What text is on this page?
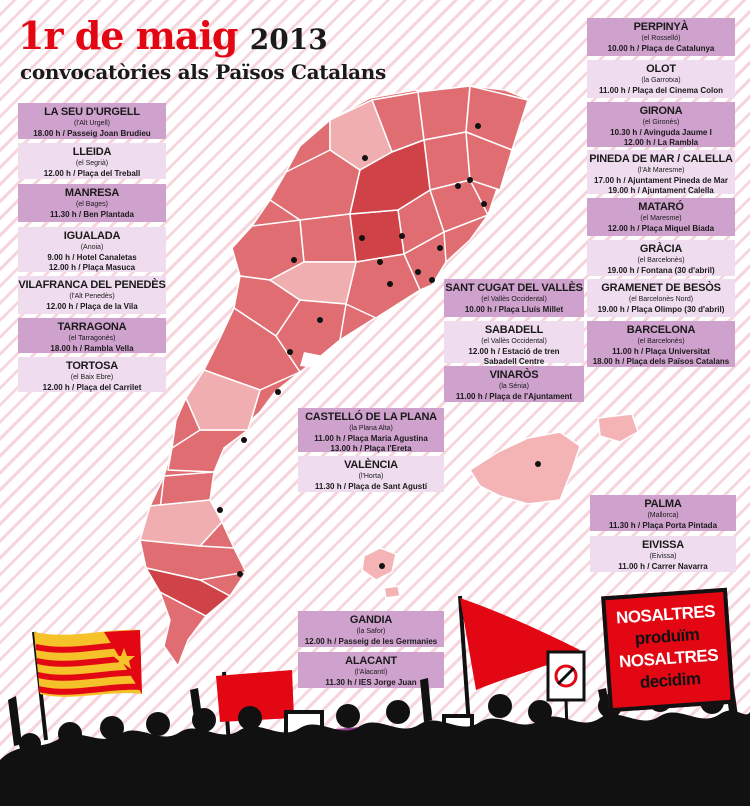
1r de maig 2013
convocatòries als Països Catalans
LA SEU D'URGELL
(l'Alt Urgell)
18.00 h / Passeig Joan Brudieu
LLEIDA
(el Segrià)
12.00 h / Plaça del Treball
MANRESA
(el Bages)
11.30 h / Ben Plantada
IGUALADA
(Anoia)
9.00 h / Hotel Canaletas
12.00 h / Plaça Masuca
VILAFRANCA DEL PENEDÈS
(l'Alt Penedès)
12.00 h / Plaça de la Vila
TARRAGONA
(el Tarragonès)
18.00 h / Rambla Vella
TORTOSA
(el Baix Ebre)
12.00 h / Plaça del Carrilet
PERPINYÀ
(el Rosselló)
10.00 h / Plaça de Catalunya
OLOT
(la Garrotxa)
11.00 h / Plaça del Cinema Colon
GIRONA
(el Gironès)
10.30 h / Avinguda Jaume I
12.00 h / La Rambla
PINEDA DE MAR / CALELLA
(l'Alt Maresme)
17.00 h / Ajuntament Pineda de Mar
19.00 h / Ajuntament Calella
MATARÓ
(el Maresme)
12.00 h / Plaça Miquel Biada
GRÀCIA
(el Barcelonès)
19.00 h / Fontana (30 d'abril)
GRAMENET DE BESÒS
(el Barcelonès Nord)
19.00 h / Plaça Olimpo (30 d'abril)
BARCELONA
(el Barcelonès)
11.00 h / Plaça Universitat
18.00 h / Plaça dels Països Catalans
SANT CUGAT DEL VALLÈS
(el Vallès Occidental)
10.00 h / Plaça Lluís Millet
SABADELL
(el Vallès Occidental)
12.00 h / Estació de tren
Sabadell Centre
VINARÒS
(la Sénia)
11.00 h / Plaça de l'Ajuntament
CASTELLÓ DE LA PLANA
(la Plana Alta)
11.00 h / Plaça Maria Agustina
13.00 h / Plaça l'Ereta
VALÈNCIA
(l'Horta)
11.30 h / Plaça de Sant Agustí
PALMA
(Mallorca)
11.30 h / Plaça Porta Pintada
EIVISSA
(Eivissa)
11.00 h / Carrer Navarra
GANDIA
(la Safor)
12.00 h / Passeig de les Germanies
ALACANT
(l'Alacantí)
11.30 h / IES Jorge Juan
NOSALTRES
produïm
NOSALTRES
decidim
